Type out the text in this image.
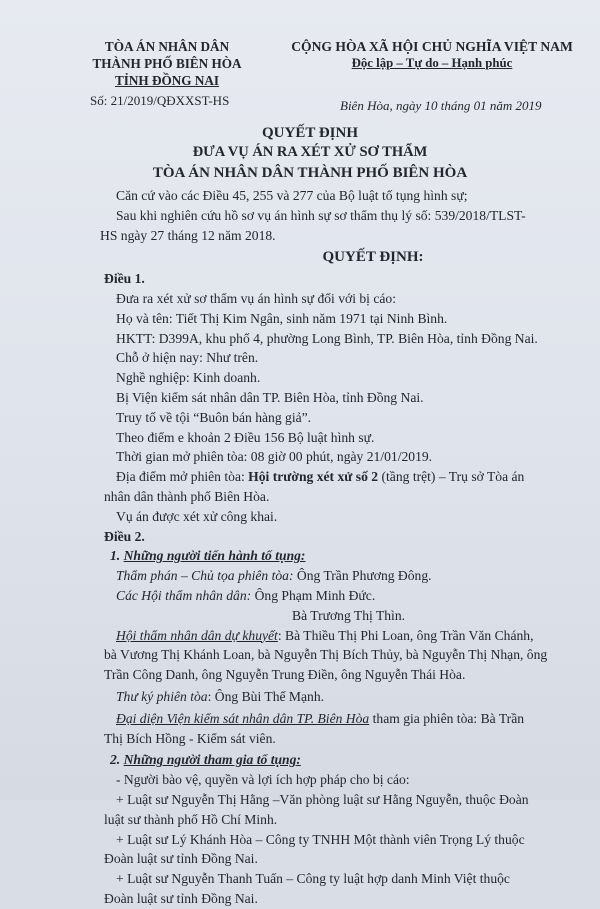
TÒA ÁN NHÂN DÂN
THÀNH PHỐ BIÊN HÒA
TỈNH ĐỒNG NAI
CỘNG HÒA XÃ HỘI CHỦ NGHĨA VIỆT NAM
Độc lập – Tự do – Hạnh phúc
Số: 21/2019/QĐXXST-HS	Biên Hòa, ngày 10 tháng 01 năm 2019
QUYẾT ĐỊNH
ĐƯA VỤ ÁN RA XÉT XỬ SƠ THẨM
TÒA ÁN NHÂN DÂN THÀNH PHỐ BIÊN HÒA

Căn cứ vào các Điều 45, 255 và 277 của Bộ luật tố tụng hình sự;

Sau khi nghiên cứu hồ sơ vụ án hình sự sơ thẩm thụ lý số: 539/2018/TLST-

HS ngày 27 tháng 12 năm 2018.

QUYẾT ĐỊNH:

Điều 1.

Đưa ra xét xử sơ thẩm vụ án hình sự đối với bị cáo:

Họ và tên: Tiết Thị Kim Ngân, sinh năm 1971 tại Ninh Bình.

HKTT: D399A, khu phố 4, phường Long Bình, TP. Biên Hòa, tỉnh Đồng Nai.

Chỗ ở hiện nay: Như trên.

Nghề nghiệp: Kinh doanh.

Bị Viện kiểm sát nhân dân TP. Biên Hòa, tỉnh Đồng Nai.

Truy tố về tội “Buôn bán hàng giả”.

Theo điểm e khoản 2 Điều 156 Bộ luật hình sự.

Thời gian mở phiên tòa: 08 giờ 00 phút, ngày 21/01/2019.

Địa điểm mở phiên tòa: Hội trường xét xử số 2 (tầng trệt) – Trụ sở Tòa án

nhân dân thành phố Biên Hòa.

Vụ án được xét xử công khai.

Điều 2.

1. Những người tiến hành tố tụng:

Thẩm phán – Chủ tọa phiên tòa: Ông Trần Phương Đông.

Các Hội thẩm nhân dân: Ông Phạm Minh Đức.

Bà Trương Thị Thìn.

Hội thẩm nhân dân dự khuyết: Bà Thiều Thị Phi Loan, ông Trần Văn Chánh,

bà Vương Thị Khánh Loan, bà Nguyễn Thị Bích Thủy, bà Nguyễn Thị Nhạn, ông

Trần Công Danh, ông Nguyễn Trung Điền, ông Nguyễn Thái Hòa.

Thư ký phiên tòa: Ông Bùi Thế Mạnh.

Đại diện Viện kiểm sát nhân dân TP. Biên Hòa tham gia phiên tòa: Bà Trần

Thị Bích Hồng - Kiểm sát viên.

2. Những người tham gia tố tụng:

- Người bào vệ, quyền và lợi ích hợp pháp cho bị cáo:

+ Luật sư Nguyễn Thị Hằng –Văn phòng luật sư Hằng Nguyễn, thuộc Đoàn

luật sư thành phố Hồ Chí Minh.

+ Luật sư Lý Khánh Hòa – Công ty TNHH Một thành viên Trọng Lý thuộc

Đoàn luật sư tỉnh Đồng Nai.

+ Luật sư Nguyễn Thanh Tuấn – Công ty luật hợp danh Minh Việt thuộc

Đoàn luật sư tỉnh Đồng Nai.
